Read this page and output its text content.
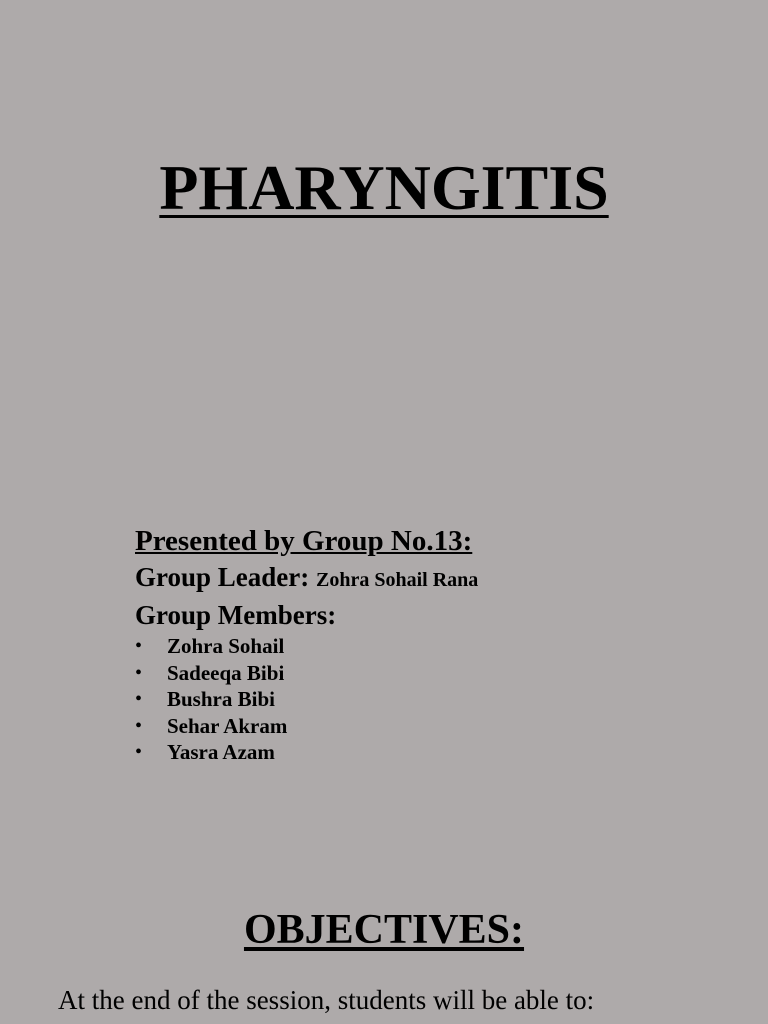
PHARYNGITIS

Presented by Group No.13:

Group Leader: Zohra Sohail Rana

Group Members:

• Zohra Sohail
• Sadeeqa Bibi
• Bushra Bibi
• Sehar Akram
• Yasra Azam
OBJECTIVES:

At the end of the session, students will be able to:
